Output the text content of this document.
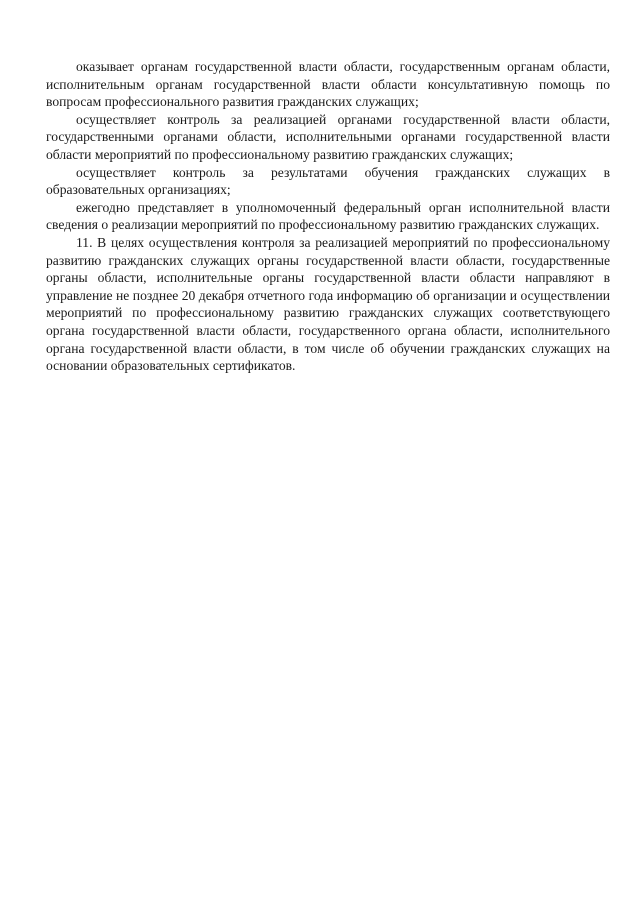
оказывает органам государственной власти области, государственным органам области, исполнительным органам государственной власти области консультативную помощь по вопросам профессионального развития гражданских служащих;

осуществляет контроль за реализацией органами государственной власти области, государственными органами области, исполнительными органами государственной власти области мероприятий по профессиональному развитию гражданских служащих;

осуществляет контроль за результатами обучения гражданских служащих в образовательных организациях;

ежегодно представляет в уполномоченный федеральный орган исполнительной власти сведения о реализации мероприятий по профессиональному развитию гражданских служащих.

11. В целях осуществления контроля за реализацией мероприятий по профессиональному развитию гражданских служащих органы государственной власти области, государственные органы области, исполнительные органы государственной власти области направляют в управление не позднее 20 декабря отчетного года информацию об организации и осуществлении мероприятий по профессиональному развитию гражданских служащих соответствующего органа государственной власти области, государственного органа области, исполнительного органа государственной власти области, в том числе об обучении гражданских служащих на основании образовательных сертификатов.
